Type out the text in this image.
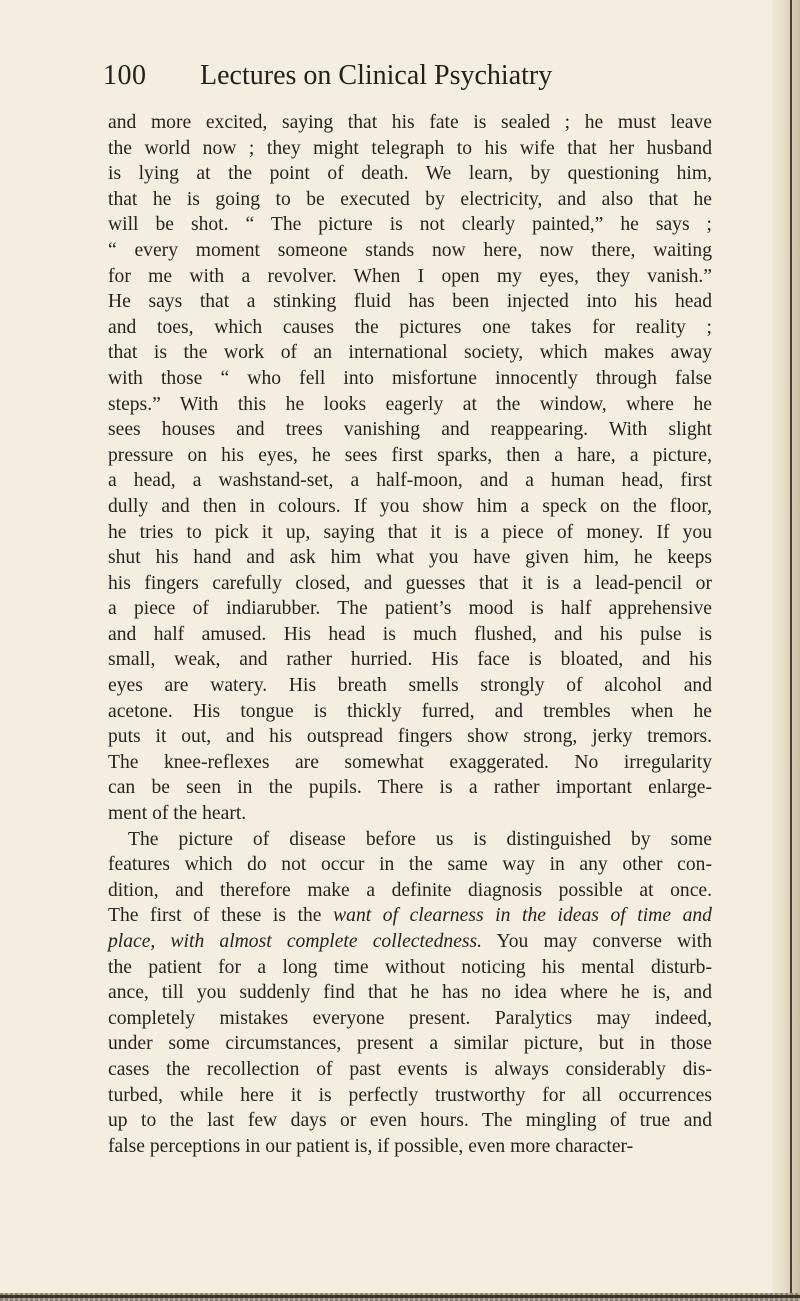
100 Lectures on Clinical Psychiatry
and more excited, saying that his fate is sealed ; he must leave
the world now ; they might telegraph to his wife that her husband
is lying at the point of death. We learn, by questioning him,
that he is going to be executed by electricity, and also that he
will be shot. “ The picture is not clearly painted,” he says ;
“ every moment someone stands now here, now there, waiting
for me with a revolver. When I open my eyes, they vanish.”
He says that a stinking fluid has been injected into his head
and toes, which causes the pictures one takes for reality ;
that is the work of an international society, which makes away
with those “ who fell into misfortune innocently through false
steps.” With this he looks eagerly at the window, where he
sees houses and trees vanishing and reappearing. With slight
pressure on his eyes, he sees first sparks, then a hare, a picture,
a head, a washstand-set, a half-moon, and a human head, first
dully and then in colours. If you show him a speck on the floor,
he tries to pick it up, saying that it is a piece of money. If you
shut his hand and ask him what you have given him, he keeps
his fingers carefully closed, and guesses that it is a lead-pencil or
a piece of indiarubber. The patient’s mood is half apprehensive
and half amused. His head is much flushed, and his pulse is
small, weak, and rather hurried. His face is bloated, and his
eyes are watery. His breath smells strongly of alcohol and
acetone. His tongue is thickly furred, and trembles when he
puts it out, and his outspread fingers show strong, jerky tremors.
The knee-reflexes are somewhat exaggerated. No irregularity
can be seen in the pupils. There is a rather important enlarge-
ment of the heart.
The picture of disease before us is distinguished by some
features which do not occur in the same way in any other con-
dition, and therefore make a definite diagnosis possible at once.
The first of these is the want of clearness in the ideas of time and
place, with almost complete collectedness. You may converse with
the patient for a long time without noticing his mental disturb-
ance, till you suddenly find that he has no idea where he is, and
completely mistakes everyone present. Paralytics may indeed,
under some circumstances, present a similar picture, but in those
cases the recollection of past events is always considerably dis-
turbed, while here it is perfectly trustworthy for all occurrences
up to the last few days or even hours. The mingling of true and
false perceptions in our patient is, if possible, even more character-
